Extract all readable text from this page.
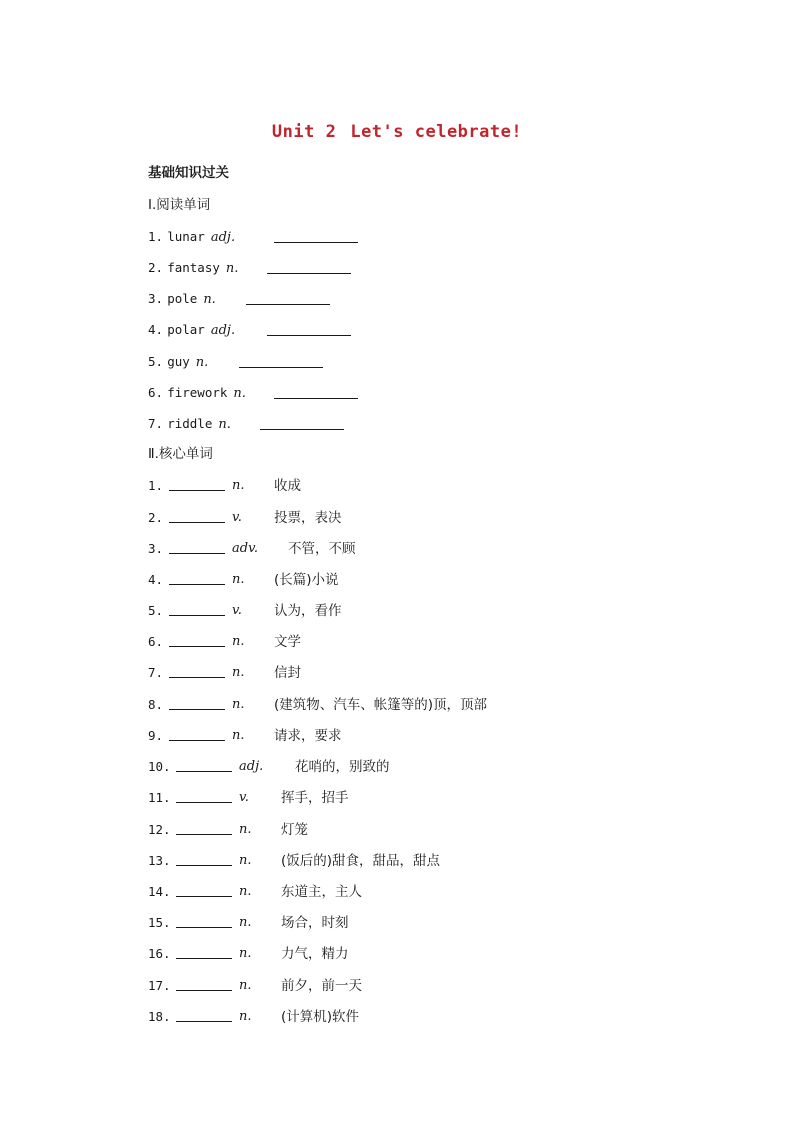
Unit 2 Let's celebrate!
基础知识过关
Ⅰ.阅读单词
1. lunar adj.
2. fantasy n.
3. pole n.
4. polar adj.
5. guy n.
6. firework n.
7. riddle n.
Ⅱ.核心单词
1.	n. 收成
2.	v. 投票，表决
3.	adv. 不管，不顾
4.	n. (长篇)小说
5.	v. 认为，看作
6.	n. 文学
7.	n. 信封
8.	n. (建筑物、汽车、帐篷等的)顶，顶部
9.	n. 请求，要求
10.	adj. 花哨的，别致的
11.	v. 挥手，招手
12.	n. 灯笼
13.	n. (饭后的)甜食，甜品，甜点
14.	n. 东道主，主人
15.	n. 场合，时刻
16.	n. 力气，精力
17.	n. 前夕，前一天
18.	n. (计算机)软件
